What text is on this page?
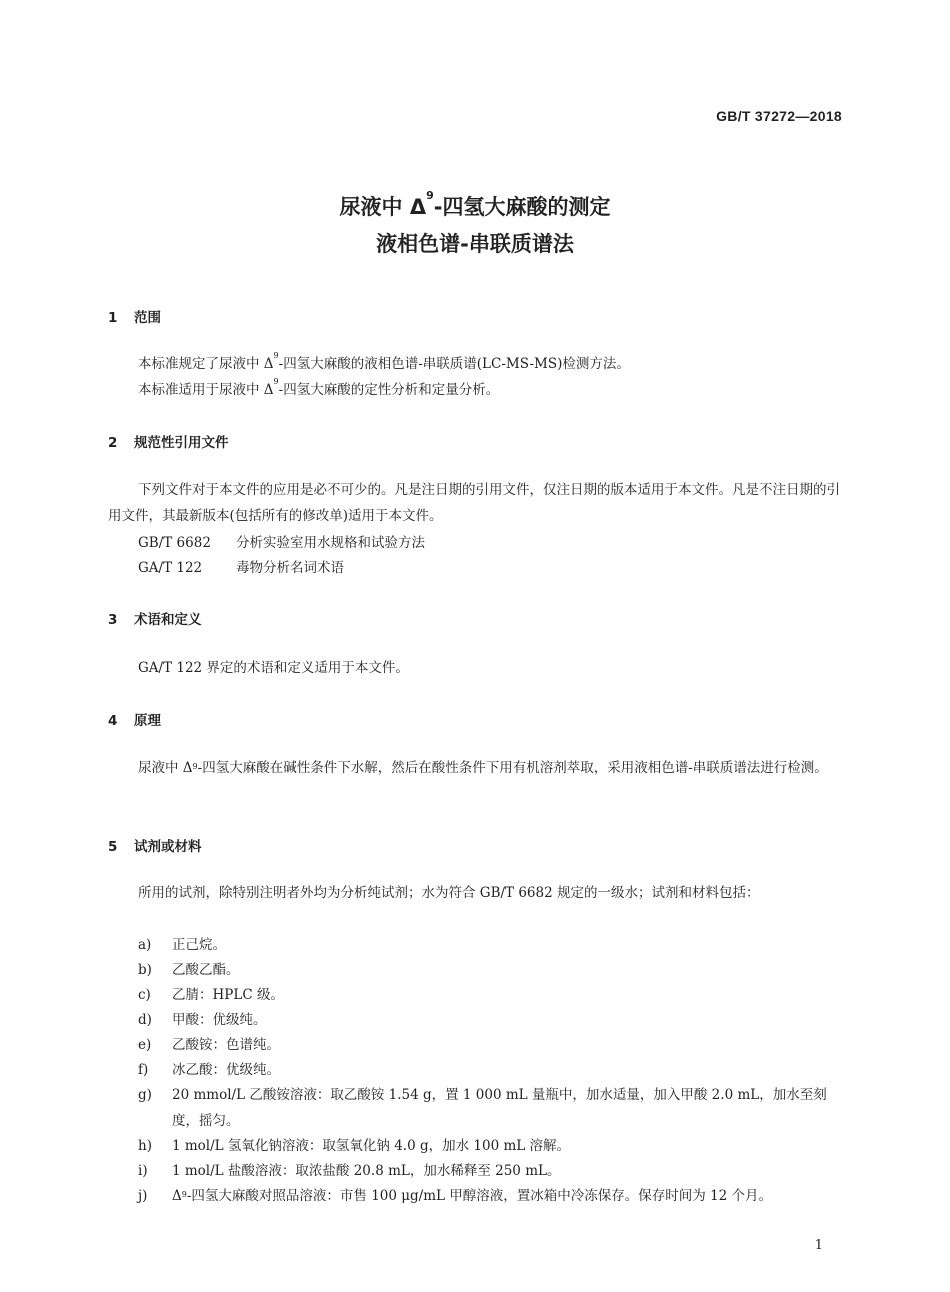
GB/T 37272—2018
尿液中 $\Delta^9-$四氢大麻酸的测定
液相色谱-串联质谱法
1 范围
本标准规定了尿液中 $\Delta^9-$四氢大麻酸的液相色谱-串联质谱(LC-MS-MS)检测方法。
本标准适用于尿液中 $\Delta^9-$四氢大麻酸的定性分析和定量分析。
2 规范性引用文件
下列文件对于本文件的应用是必不可少的。凡是注日期的引用文件，仅注日期的版本适用于本文件。凡是不注日期的引用文件，其最新版本(包括所有的修改单)适用于本文件。
GB/T 6682 分析实验室用水规格和试验方法
GA/T 122	毒物分析名词术语
3 术语和定义
GA/T 122 界定的术语和定义适用于本文件。
4 原理
尿液中 $\Delta^9-$四氢大麻酸在碱性条件下水解，然后在酸性条件下用有机溶剂萃取，采用液相色谱-串联质谱法进行检测。
5 试剂或材料
所用的试剂，除特别注明者外均为分析纯试剂；水为符合 GB/T 6682 规定的一级水；试剂和材料包括：
a)	正己烷。
b)	乙酸乙酯。
c)	乙腈：HPLC 级。
d)	甲酸：优级纯。
e)	乙酸铵：色谱纯。
f)	冰乙酸：优级纯。
g)	20 mmol/L 乙酸铵溶液：取乙酸铵 1.54 g，置 1 000 mL 量瓶中，加水适量，加入甲酸 2.0 mL，加水至刻度，摇匀。
h)	1 mol/L 氢氧化钠溶液：取氢氧化钠 4.0 g，加水 100 mL 溶解。
i)	1 mol/L 盐酸溶液：取浓盐酸 20.8 mL，加水稀释至 250 mL。
j)	$\Delta^9-$四氢大麻酸对照品溶液：市售 100 μg/mL 甲醇溶液，置冰箱中冷冻保存。保存时间为 12 个月。
1
